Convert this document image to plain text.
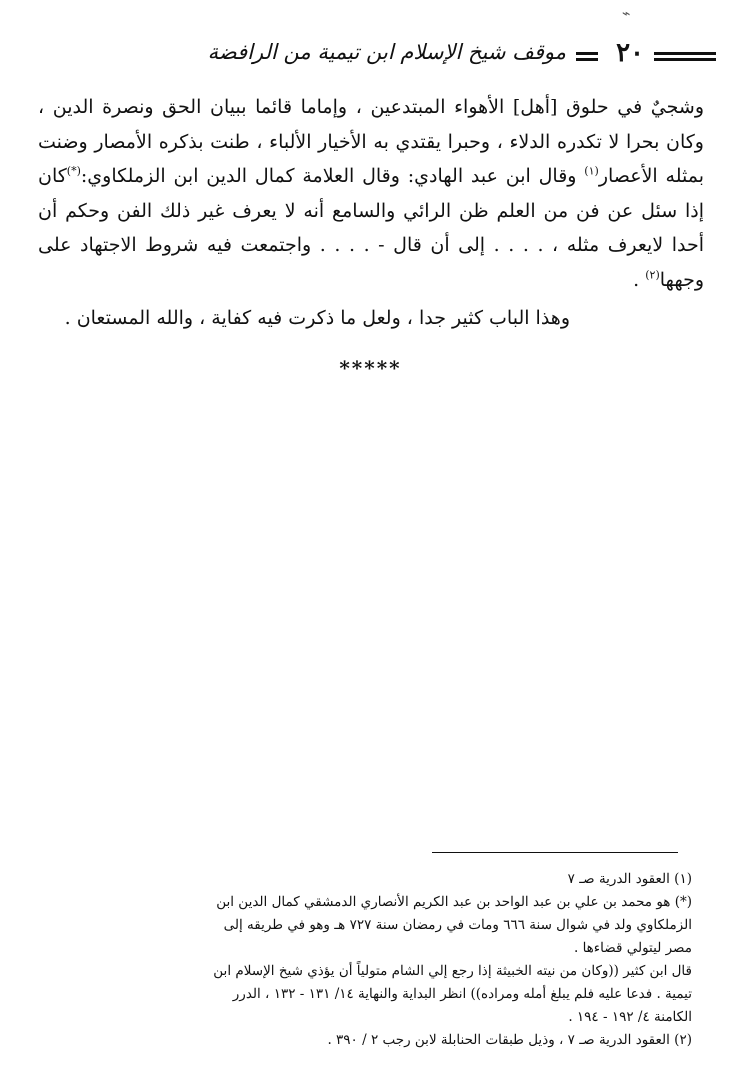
⌁
٢٠
موقف شيخ الإسلام ابن تيمية من الرافضة

وشجيٌ في حلوق [أهل] الأهواء المبتدعين ، وإماما قائما ببيان الحق ونصرة الدين ، وكان بحرا لا تكدره الدلاء ، وحبرا يقتدي به الأخيار الألباء ، طنت بذكره الأمصار وضنت بمثله الأعصار$^{(١)}$ وقال ابن عبد الهادي: وقال العلامة كمال الدين ابن الزملكاوي:(*)كان إذا سئل عن فن من العلم ظن الرائي والسامع أنه لا يعرف غير ذلك الفن وحكم أن أحدا لايعرف مثله ، . . . . إلى أن قال - . . . . واجتمعت فيه شروط الاجتهاد على وجهها$^{(٢)}$ .

وهذا الباب كثير جدا ، ولعل ما ذكرت فيه كفاية ، والله المستعان .

*****

(١) العقود الدرية صـ ٧

(*) هو محمد بن علي بن عبد الواحد بن عبد الكريم الأنصاري الدمشقي كمال الدين ابن الزملكاوي ولد في شوال سنة ٦٦٦ ومات في رمضان سنة ٧٢٧ هـ وهو في طريقه إلى مصر ليتولي قضاءها .

قال ابن كثير ((وكان من نيته الخبيثة إذا رجع إلي الشام متولياً أن يؤذي شيخ الإسلام ابن تيمية . فدعا عليه فلم يبلغ أمله ومراده)) انظر البداية والنهاية ١٤/ ١٣١ - ١٣٢ ، الدرر الكامنة ٤/ ١٩٢ - ١٩٤ .

(٢) العقود الدرية صـ ٧ ، وذيل طبقات الحنابلة لابن رجب ٢ / ٣٩٠ .
